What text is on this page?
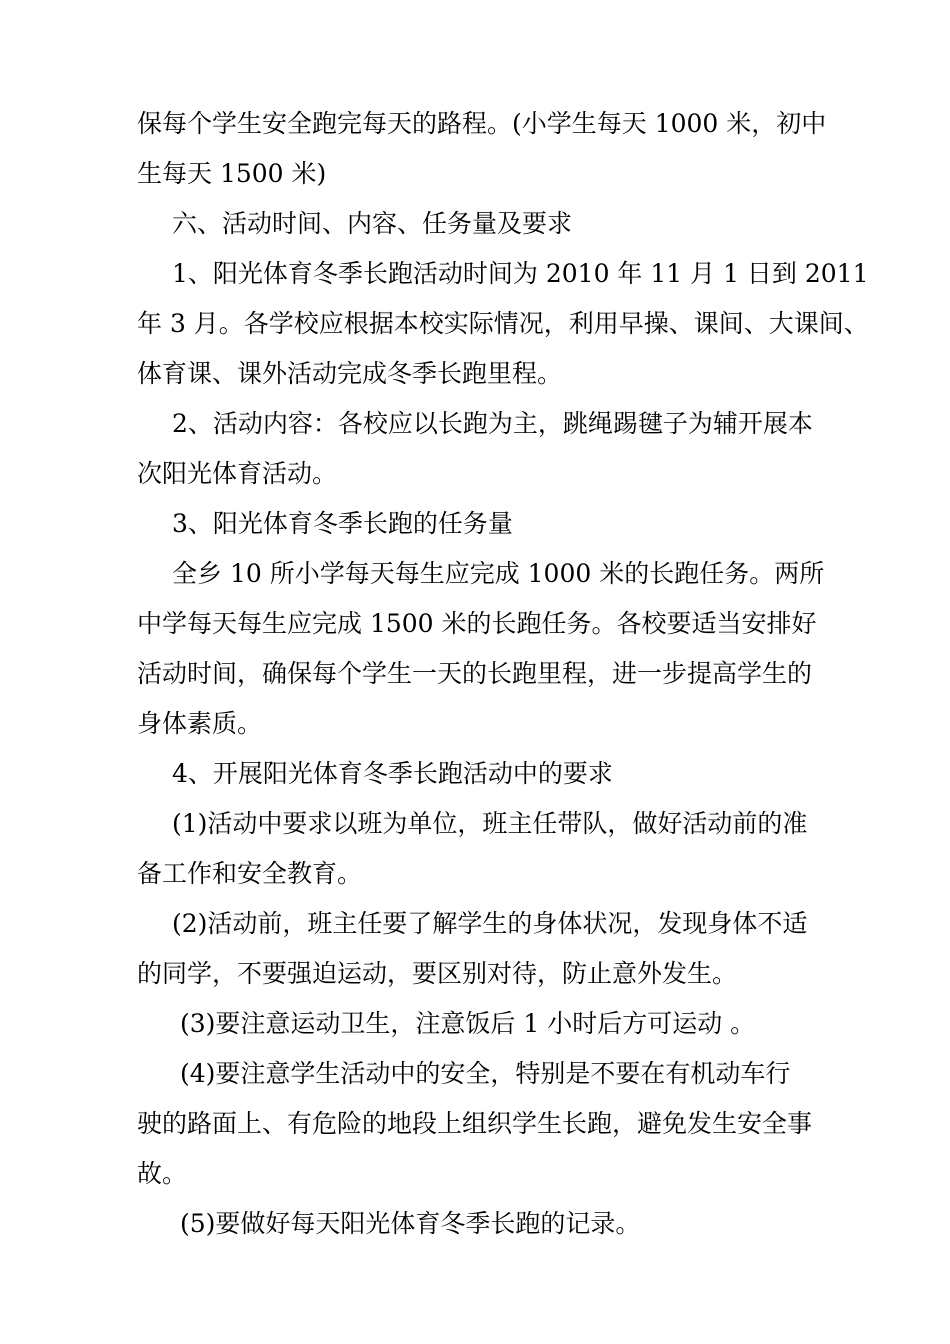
保每个学生安全跑完每天的路程。(小学生每天 1000 米，初中
生每天 1500 米)
六、活动时间、内容、任务量及要求
1、阳光体育冬季长跑活动时间为 2010 年 11 月 1 日到 2011
年 3 月。各学校应根据本校实际情况，利用早操、课间、大课间、
体育课、课外活动完成冬季长跑里程。
2、活动内容：各校应以长跑为主，跳绳踢毽子为辅开展本
次阳光体育活动。
3、阳光体育冬季长跑的任务量
全乡 10 所小学每天每生应完成 1000 米的长跑任务。两所
中学每天每生应完成 1500 米的长跑任务。各校要适当安排好
活动时间，确保每个学生一天的长跑里程，进一步提高学生的
身体素质。
4、开展阳光体育冬季长跑活动中的要求
(1)活动中要求以班为单位，班主任带队，做好活动前的准
备工作和安全教育。
(2)活动前，班主任要了解学生的身体状况，发现身体不适
的同学，不要强迫运动，要区别对待，防止意外发生。
(3)要注意运动卫生，注意饭后 1 小时后方可运动 。
(4)要注意学生活动中的安全，特别是不要在有机动车行
驶的路面上、有危险的地段上组织学生长跑，避免发生安全事
故。
(5)要做好每天阳光体育冬季长跑的记录。
